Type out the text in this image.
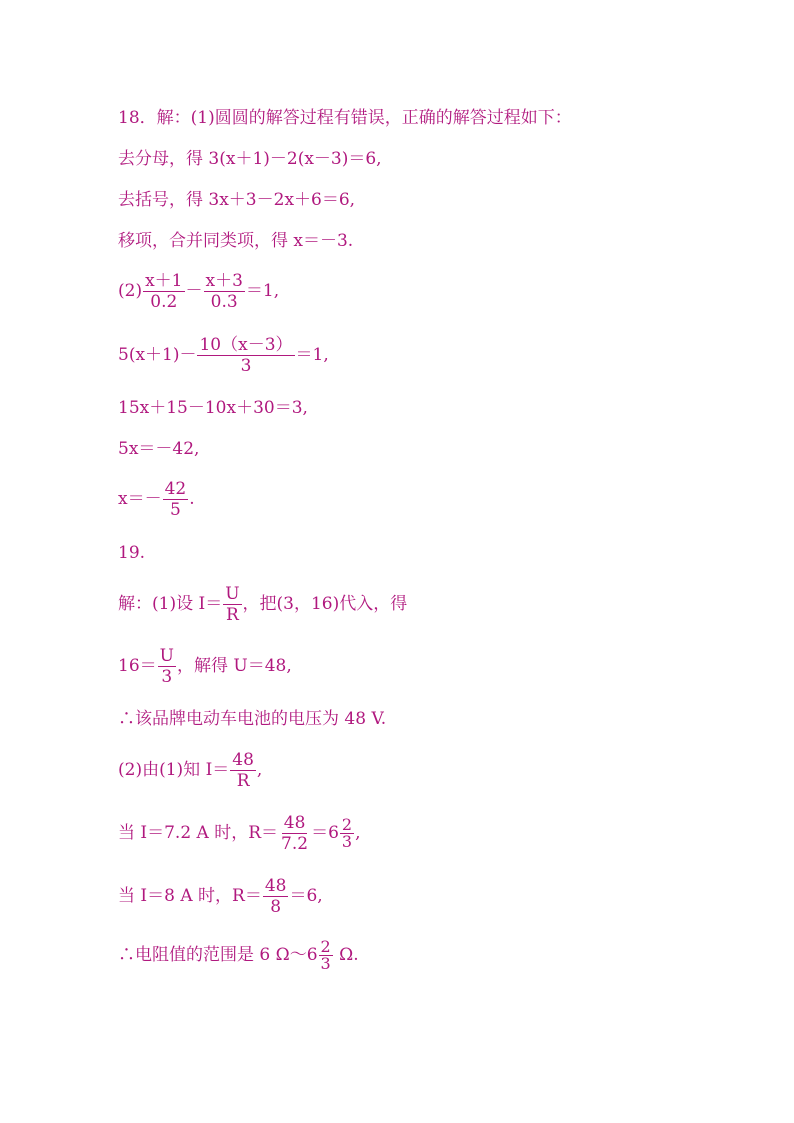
18．解：(1)圆圆的解答过程有错误，正确的解答过程如下：
去分母，得 3(x＋1)－2(x－3)＝6,
去括号，得 3x＋3－2x＋6＝6,
移项，合并同类项，得 x＝－3.
$(2) \frac{x+1}{0.2} - \frac{x+3}{0.3} =1$,
$5(x+1)- \frac{10(x-3)}{3} =1$,
15x＋15－10x＋30＝3,
5x＝－42,
$x=- \frac{42}{5}$ .
19.
解：(1)设 $I= \frac{U}{R}$ ，把(3，16)代入，得
$16= \frac{U}{3}$ ，解得 U＝48,
∴该品牌电动车电池的电压为 48 V.
(2)由(1)知 $I= \frac{48}{R}$ ,
当 I＝7.2 A 时，$R= \frac{48}{7.2} =6 \frac{2}{3}$ ,
当 I＝8 A 时，$R= \frac{48}{8} =6$,
∴电阻值的范围是 6 Ω～6 $\frac{2}{3} \Omega$.
